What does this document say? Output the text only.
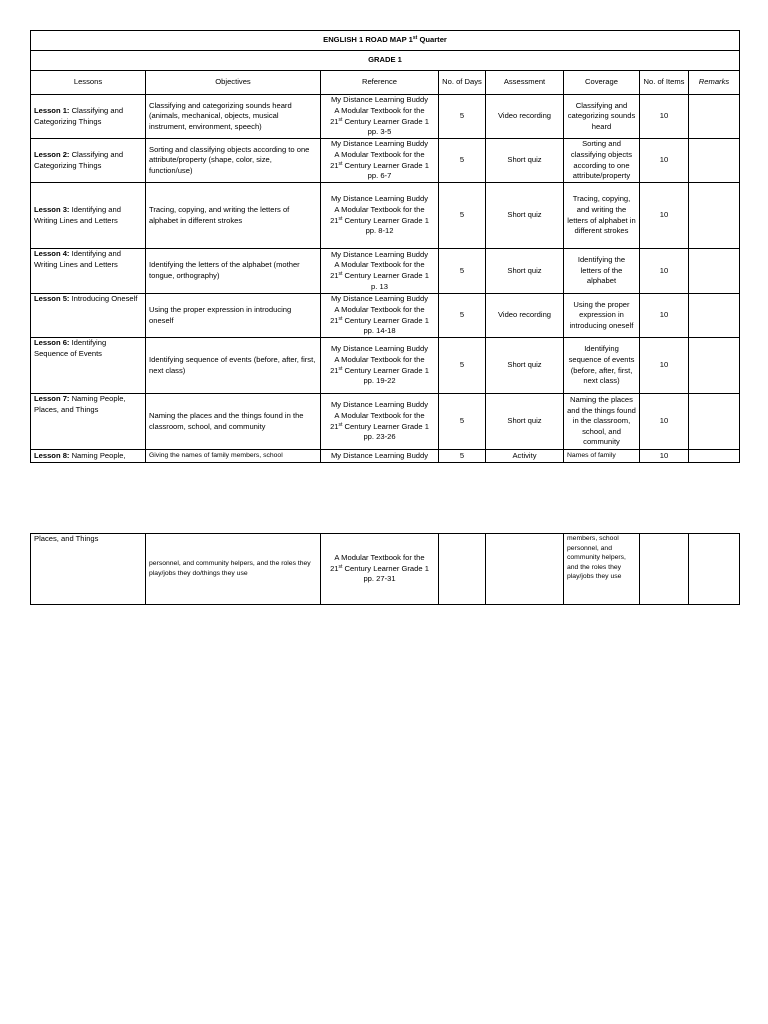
ENGLISH 1 ROAD MAP 1st Quarter							
GRADE 1							
Lessons	Objectives	Reference	No. of Days	Assessment	Coverage	No. of Items	Remarks
Lesson 1: Classifying and Categorizing Things	Classifying and categorizing sounds heard (animals, mechanical, objects, musical instrument, environment, speech)	My Distance Learning Buddy
A Modular Textbook for the
21st Century Learner Grade 1
pp. 3-5	5	Video recording	Classifying and categorizing sounds heard	10	
Lesson 2: Classifying and Categorizing Things	Sorting and classifying objects according to one attribute/property (shape, color, size, function/use)	My Distance Learning Buddy
A Modular Textbook for the
21st Century Learner Grade 1
pp. 6-7	5	Short quiz	Sorting and classifying objects according to one attribute/property	10	
Lesson 3: Identifying and Writing Lines and Letters	Tracing, copying, and writing the letters of alphabet in different strokes	My Distance Learning Buddy
A Modular Textbook for the
21st Century Learner Grade 1
pp. 8-12	5	Short quiz	Tracing, copying, and writing the letters of alphabet in different strokes	10	
Lesson 4: Identifying and Writing Lines and Letters	Identifying the letters of the alphabet (mother tongue, orthography)	My Distance Learning Buddy
A Modular Textbook for the
21st Century Learner Grade 1
p. 13	5	Short quiz	Identifying the letters of the alphabet	10	
Lesson 5: Introducing Oneself	Using the proper expression in introducing oneself	My Distance Learning Buddy
A Modular Textbook for the
21st Century Learner Grade 1
pp. 14-18	5	Video recording	Using the proper expression in introducing oneself	10	
Lesson 6: Identifying Sequence of Events	Identifying sequence of events (before, after, first, next class)	My Distance Learning Buddy
A Modular Textbook for the
21st Century Learner Grade 1
pp. 19-22	5	Short quiz	Identifying sequence of events (before, after, first, next class)	10	
Lesson 7: Naming People, Places, and Things	Naming the places and the things found in the classroom, school, and community	My Distance Learning Buddy
A Modular Textbook for the
21st Century Learner Grade 1
pp. 23-26	5	Short quiz	Naming the places and the things found in the classroom, school, and community	10	
Lesson 8: Naming People,	Giving the names of family members, school	My Distance Learning Buddy	5	Activity	Names of family	10	
Places, and Things	personnel, and community helpers, and the roles they play/jobs they do/things they use	A Modular Textbook for the
21st Century Learner Grade 1
pp. 27-31			members, school personnel, and community helpers, and the roles they play/jobs they use		
